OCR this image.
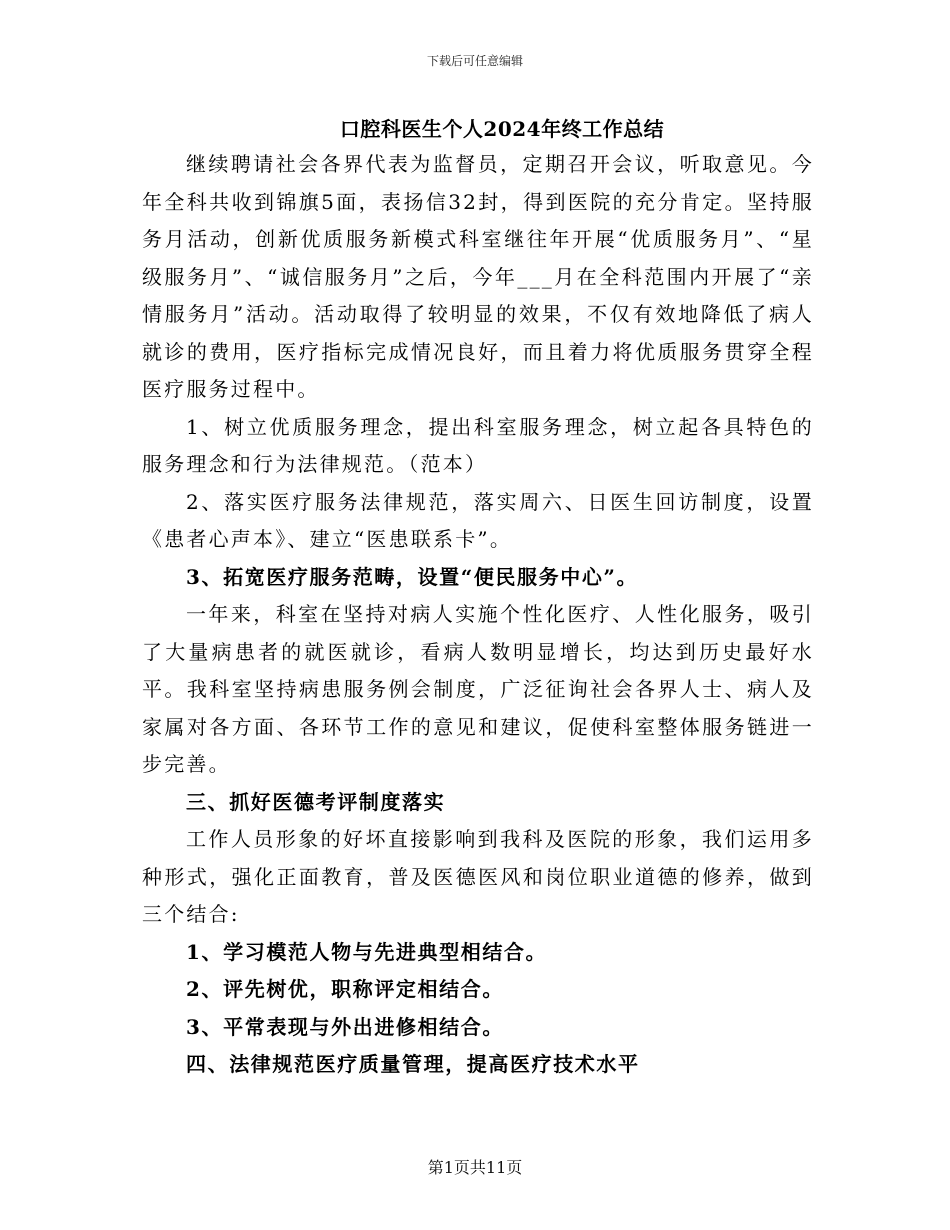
下载后可任意编辑
口腔科医生个人2024年终工作总结

继续聘请社会各界代表为监督员，定期召开会议，听取意见。今年全科共收到锦旗5面，表扬信32封，得到医院的充分肯定。坚持服务月活动，创新优质服务新模式科室继往年开展“优质服务月”、“星级服务月”、“诚信服务月”之后，今年___月在全科范围内开展了“亲情服务月”活动。活动取得了较明显的效果，不仅有效地降低了病人就诊的费用，医疗指标完成情况良好，而且着力将优质服务贯穿全程医疗服务过程中。

1、树立优质服务理念，提出科室服务理念，树立起各具特色的服务理念和行为法律规范。（范本）

2、落实医疗服务法律规范，落实周六、日医生回访制度，设置《患者心声本》、建立“医患联系卡”。

3、拓宽医疗服务范畴，设置“便民服务中心”。

一年来，科室在坚持对病人实施个性化医疗、人性化服务，吸引了大量病患者的就医就诊，看病人数明显增长，均达到历史最好水平。我科室坚持病患服务例会制度，广泛征询社会各界人士、病人及家属对各方面、各环节工作的意见和建议，促使科室整体服务链进一步完善。

三、抓好医德考评制度落实

工作人员形象的好坏直接影响到我科及医院的形象，我们运用多种形式，强化正面教育，普及医德医风和岗位职业道德的修养，做到三个结合:

1、学习模范人物与先进典型相结合。

2、评先树优，职称评定相结合。

3、平常表现与外出进修相结合。

四、法律规范医疗质量管理，提高医疗技术水平

第1页共11页
